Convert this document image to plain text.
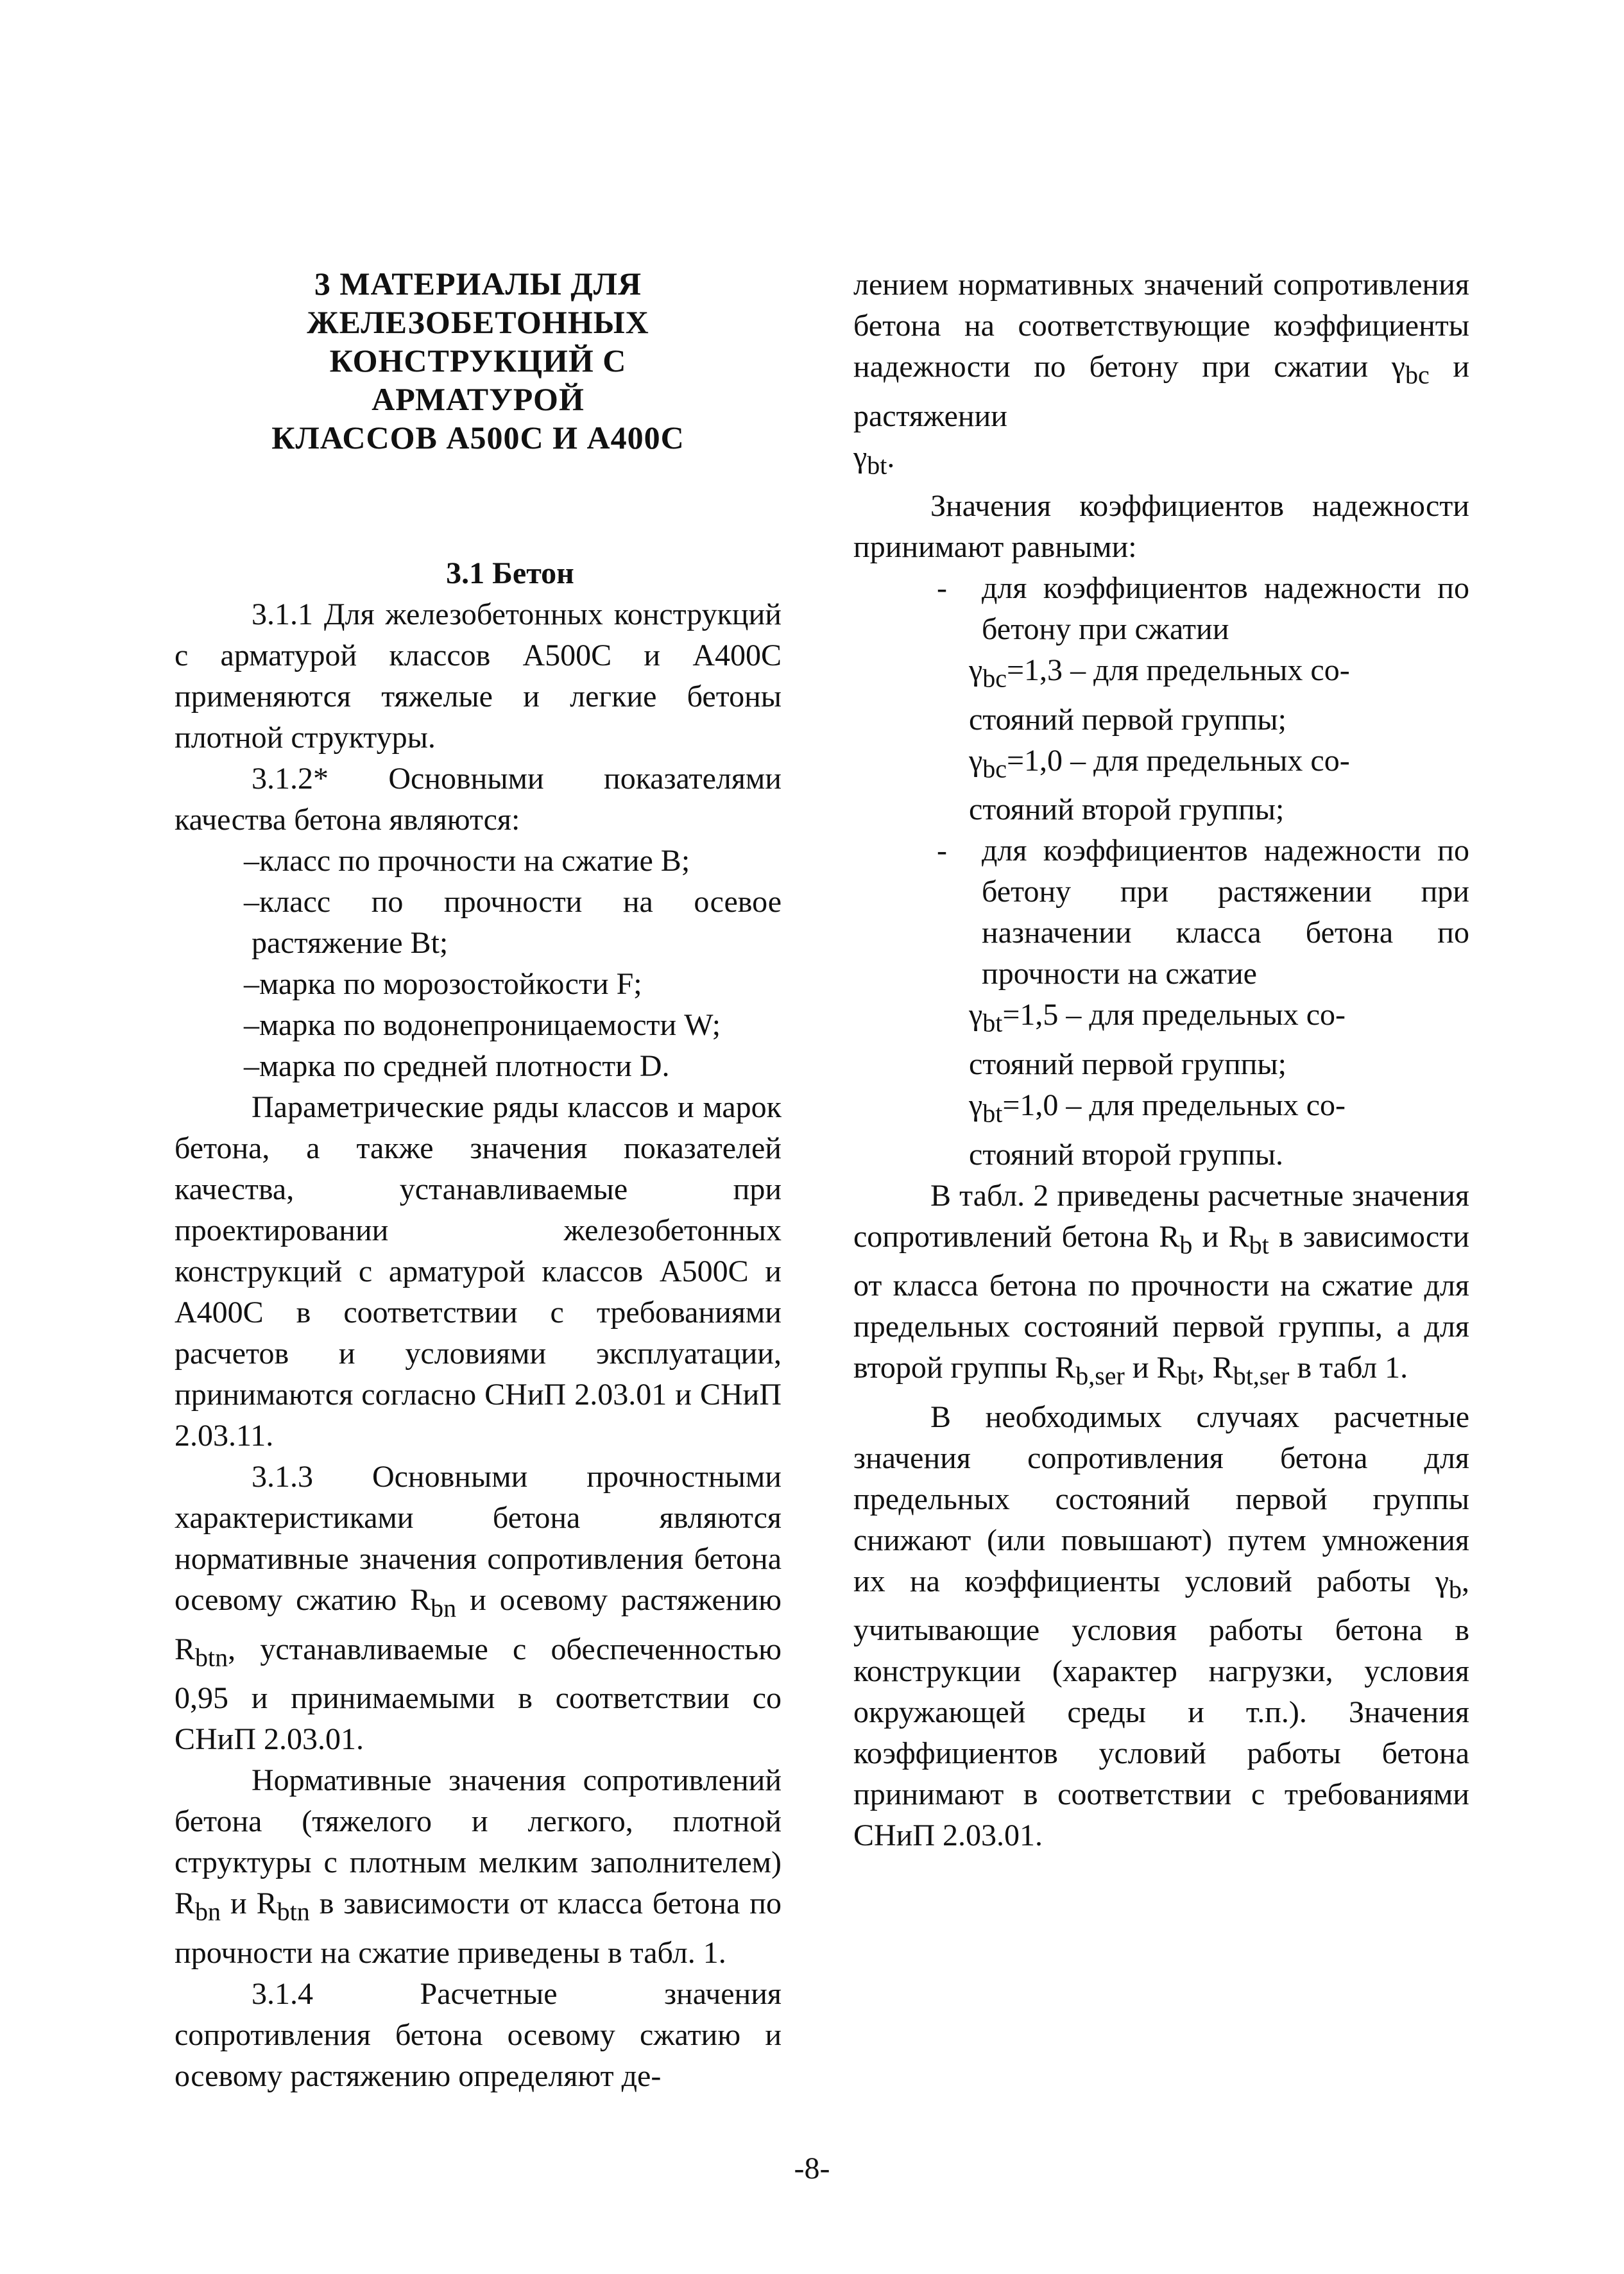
3 МАТЕРИАЛЫ ДЛЯ
ЖЕЛЕЗОБЕТОННЫХ
КОНСТРУКЦИЙ С
АРМАТУРОЙ
КЛАССОВ А500С И А400С
3.1 Бетон

3.1.1 Для железобетонных конструкций с арматурой классов А500С и А400С применяются тяжелые и легкие бетоны плотной структуры.

3.1.2* Основными показателями качества бетона являются:

–класс по прочности на сжатие В;

–класс по прочности на осевое растяжение Вt;

–марка по морозостойкости F;

–марка по водонепроницаемости W;

–марка по средней плотности D.

Параметрические ряды классов и марок бетона, а также значения показателей качества, устанавливаемые при проектировании железобетонных конструкций с арматурой классов А500С и А400С в соответствии с требованиями расчетов и условиями эксплуатации, принимаются согласно СНиП 2.03.01 и СНиП 2.03.11.

3.1.3 Основными прочностными характеристиками бетона являются нормативные значения сопротивления бетона осевому сжатию $R_{bn}$ и осевому растяжению $R_{btn}$, устанавливаемые с обеспеченностью 0,95 и принимаемыми в соответствии со СНиП 2.03.01.

Нормативные значения сопротивлений бетона (тяжелого и легкого, плотной структуры с плотным мелким заполнителем) $R_{bn}$ и $R_{btn}$ в зависимости от класса бетона по прочности на сжатие приведены в табл. 1.

3.1.4 Расчетные значения сопротивления бетона осевому сжатию и осевому растяжению определяют де-

лением нормативных значений сопротивления бетона на соответствующие коэффициенты надежности по бетону при сжатии $\gamma_{bc}$ и растяжении
$\gamma_{bt}$.

Значения коэффициентов надежности принимают равными:

- для коэффициентов надежности по бетону при сжатии

$\gamma_{bc}=1,3$ – для предельных со-

стояний первой группы;

$\gamma_{bc}=1,0$ – для предельных со-

стояний второй группы;

- для коэффициентов надежности по бетону при растяжении при назначении класса бетона по прочности на сжатие

$\gamma_{bt}=1,5$ – для предельных со-

стояний первой группы;

$\gamma_{bt}=1,0$ – для предельных со-

стояний второй группы.

В табл. 2 приведены расчетные значения сопротивлений бетона $R_b$ и $R_{bt}$ в зависимости от класса бетона по прочности на сжатие для предельных состояний первой группы, а для второй группы $R_{b,ser}$ и $R_{bt}$, $R_{bt,ser}$ в табл 1.

В необходимых случаях расчетные значения сопротивления бетона для предельных состояний первой группы снижают (или повышают) путем умножения их на коэффициенты условий работы $\gamma_b$, учитывающие условия работы бетона в конструкции (характер нагрузки, условия окружающей среды и т.п.). Значения коэффициентов условий работы бетона принимают в соответствии с требованиями СНиП 2.03.01.

-8-
